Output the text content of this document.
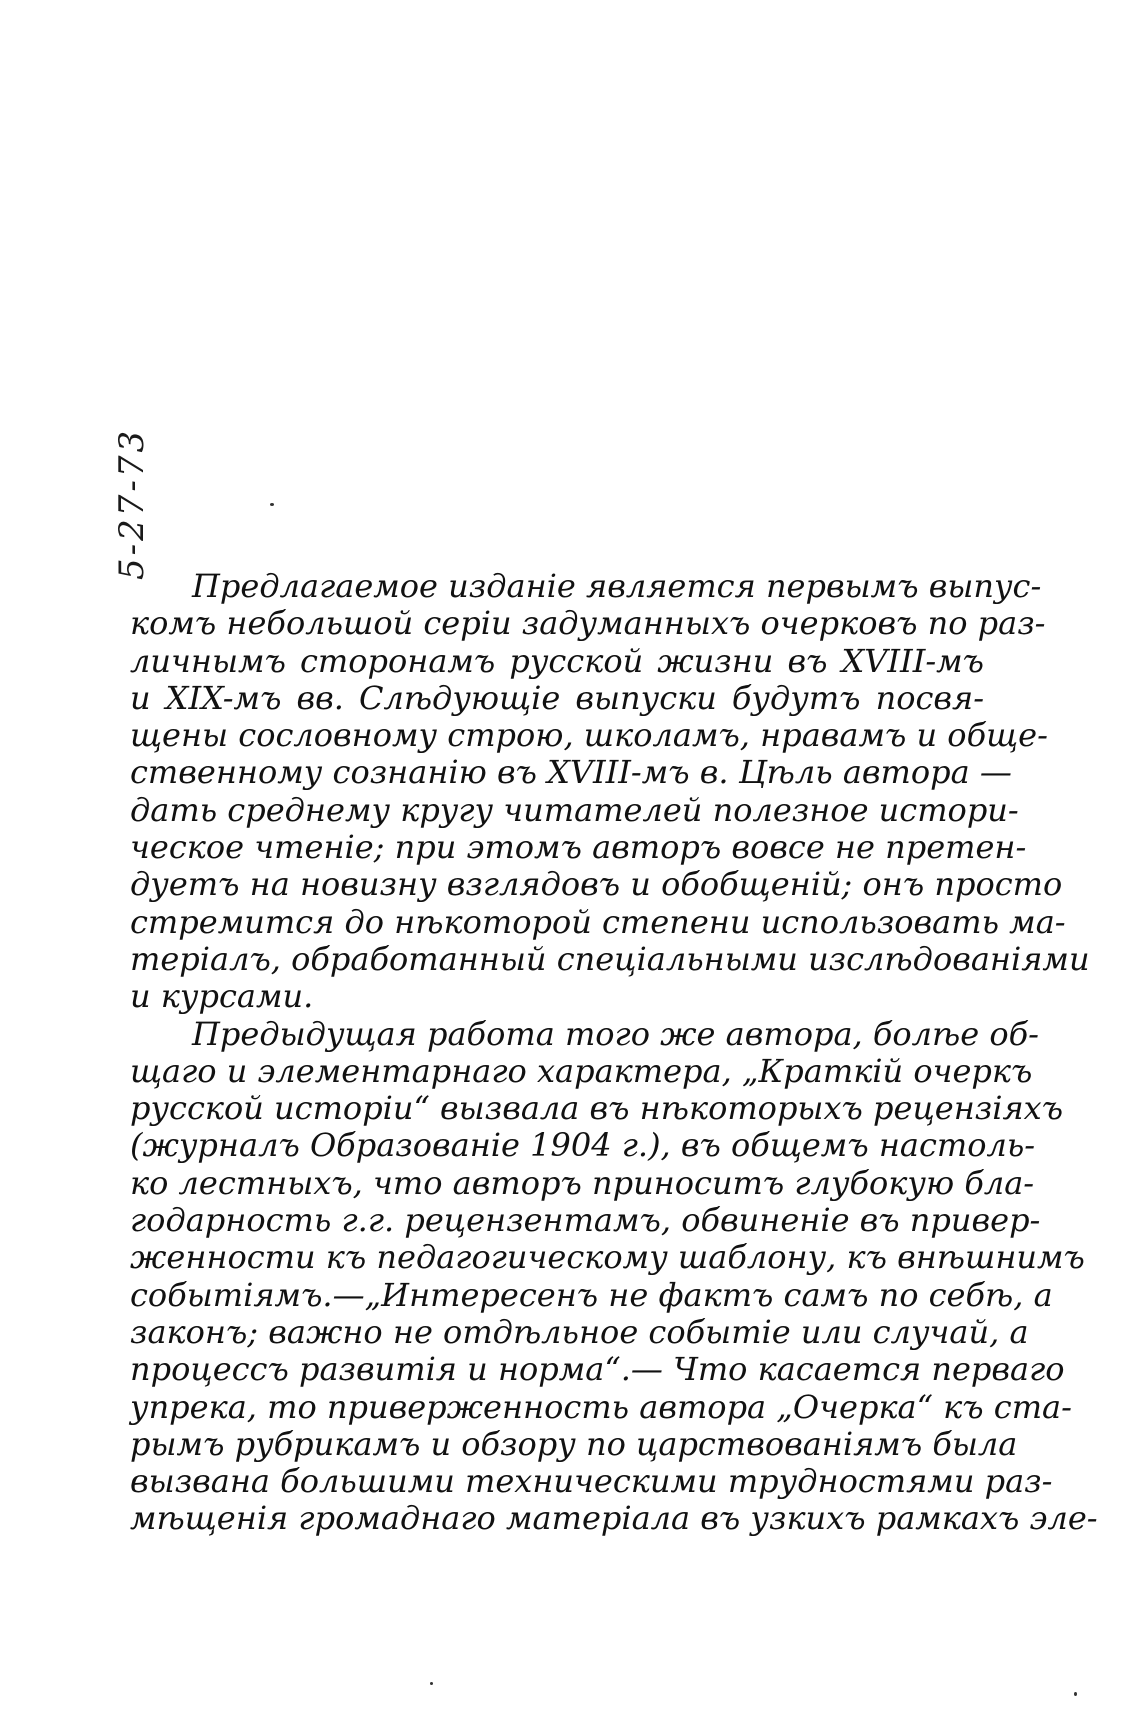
5-27-73

Предлагаемое изданіе является первымъ выпус-
комъ небольшой серіи задуманныхъ очерковъ по раз-
личнымъ сторонамъ русской жизни въ XVIII-мъ
и XIX-мъ вв. Слѣдующіе выпуски будутъ посвя-
щены сословному строю, школамъ, нравамъ и обще-
ственному сознанію въ XVIII-мъ в. Цѣль автора —
дать среднему кругу читателей полезное истори-
ческое чтеніе; при этомъ авторъ вовсе не претен-
дуетъ на новизну взглядовъ и обобщеній; онъ просто
стремится до нѣкоторой степени использовать ма-
теріалъ, обработанный спеціальными изслѣдованіями
и курсами.

Предыдущая работа того же автора, болѣе об-
щаго и элементарнаго характера, „Краткій очеркъ
русской исторіи“ вызвала въ нѣкоторыхъ рецензіяхъ
(журналъ Образованіе 1904 г.), въ общемъ настоль-
ко лестныхъ, что авторъ приноситъ глубокую бла-
годарность г.г. рецензентамъ, обвиненіе въ привер-
женности къ педагогическому шаблону, къ внѣшнимъ
событіямъ.—„Интересенъ не фактъ самъ по себѣ, а
законъ; важно не отдѣльное событіе или случай, а
процессъ развитія и норма“.— Что касается перваго
упрека, то приверженность автора „Очерка“ къ ста-
рымъ рубрикамъ и обзору по царствованіямъ была
вызвана большими техническими трудностями раз-
мѣщенія громаднаго матеріала въ узкихъ рамкахъ эле-
